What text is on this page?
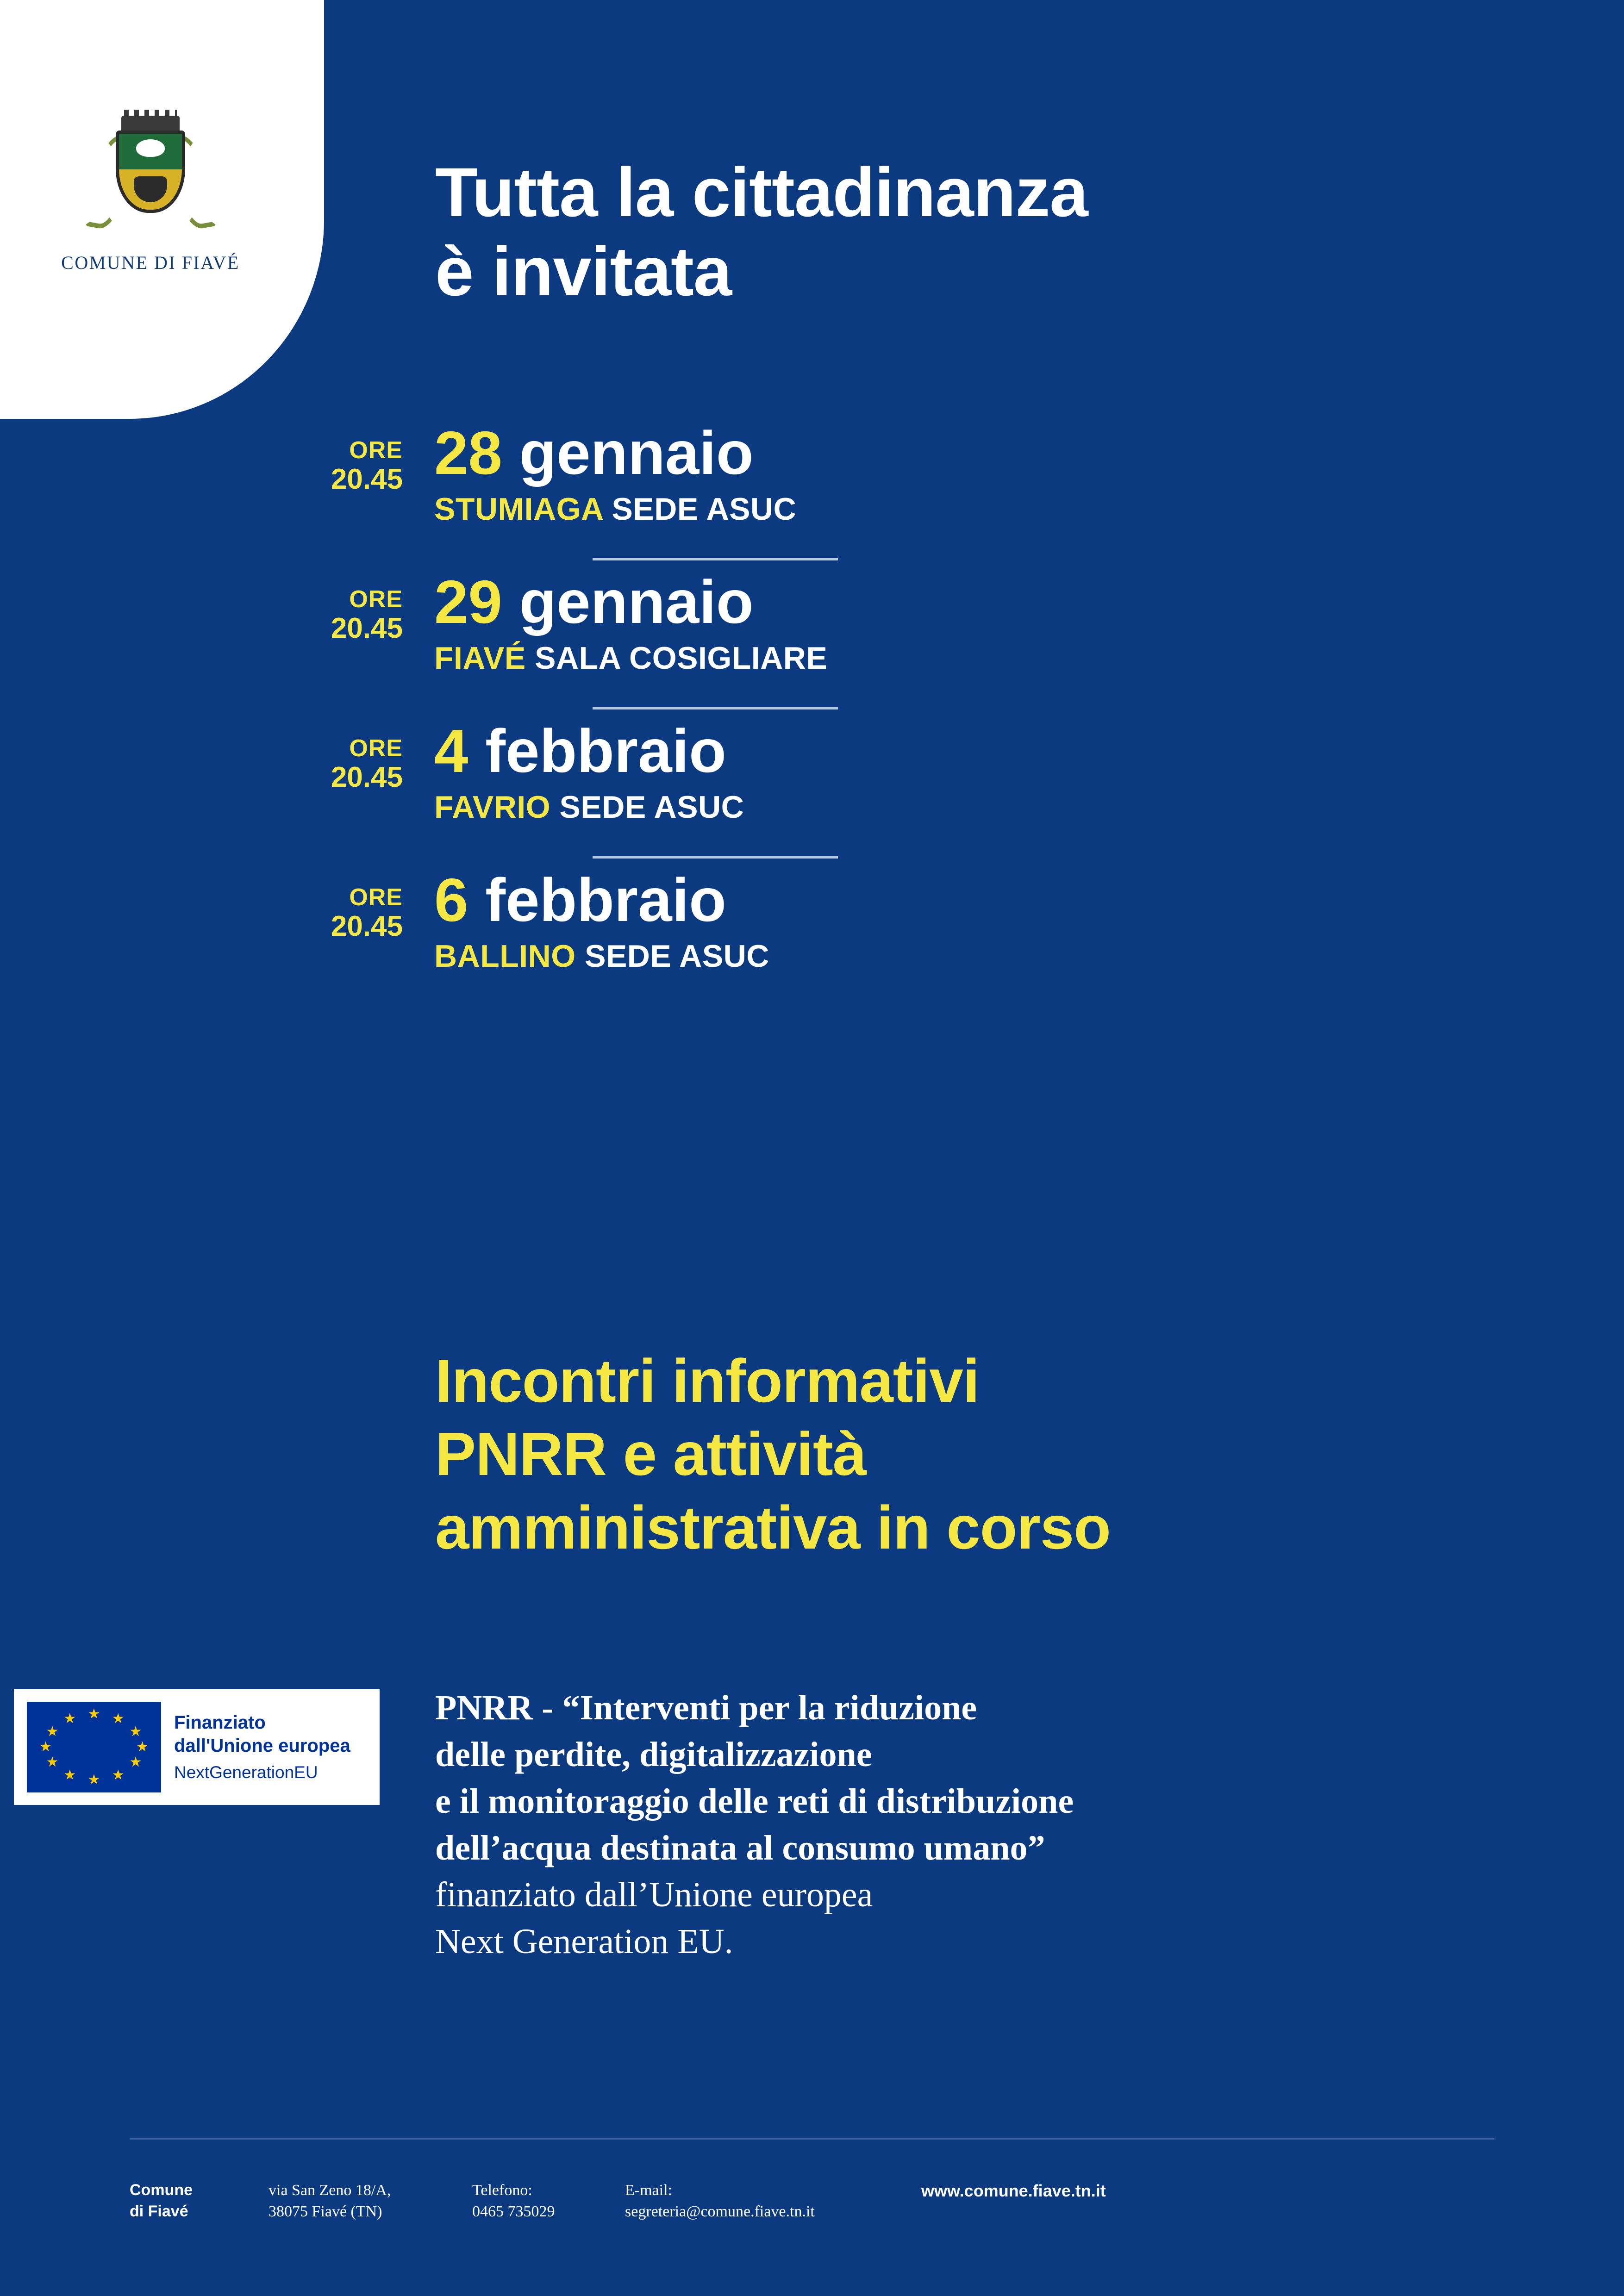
COMUNE DI FIAVÉ
Tutta la cittadinanza
è invitata
ORE
20.45 28 gennaio
STUMIAGA SEDE ASUC
ORE
20.45 29 gennaio
FIAVÉ SALA COSIGLIARE
ORE
20.45 4 febbraio
FAVRIO SEDE ASUC
ORE
20.45 6 febbraio
BALLINO SEDE ASUC
Incontri informativi
PNRR e attività
amministrativa in corso
★ ★
★
★
★
★
★
★
★
★
★
★	Finanziato
dall'Unione europea
NextGenerationEU
PNRR - “Interventi per la riduzione
delle perdite, digitalizzazione
e il monitoraggio delle reti di distribuzione
dell’acqua destinata al consumo umano”
finanziato dall’Unione europea
Next Generation EU.
Comune
di Fiavé
via San Zeno 18/A,
38075 Fiavé (TN)
Telefono:
0465 735029
E-mail:
segreteria@comune.fiave.tn.it
www.comune.fiave.tn.it
